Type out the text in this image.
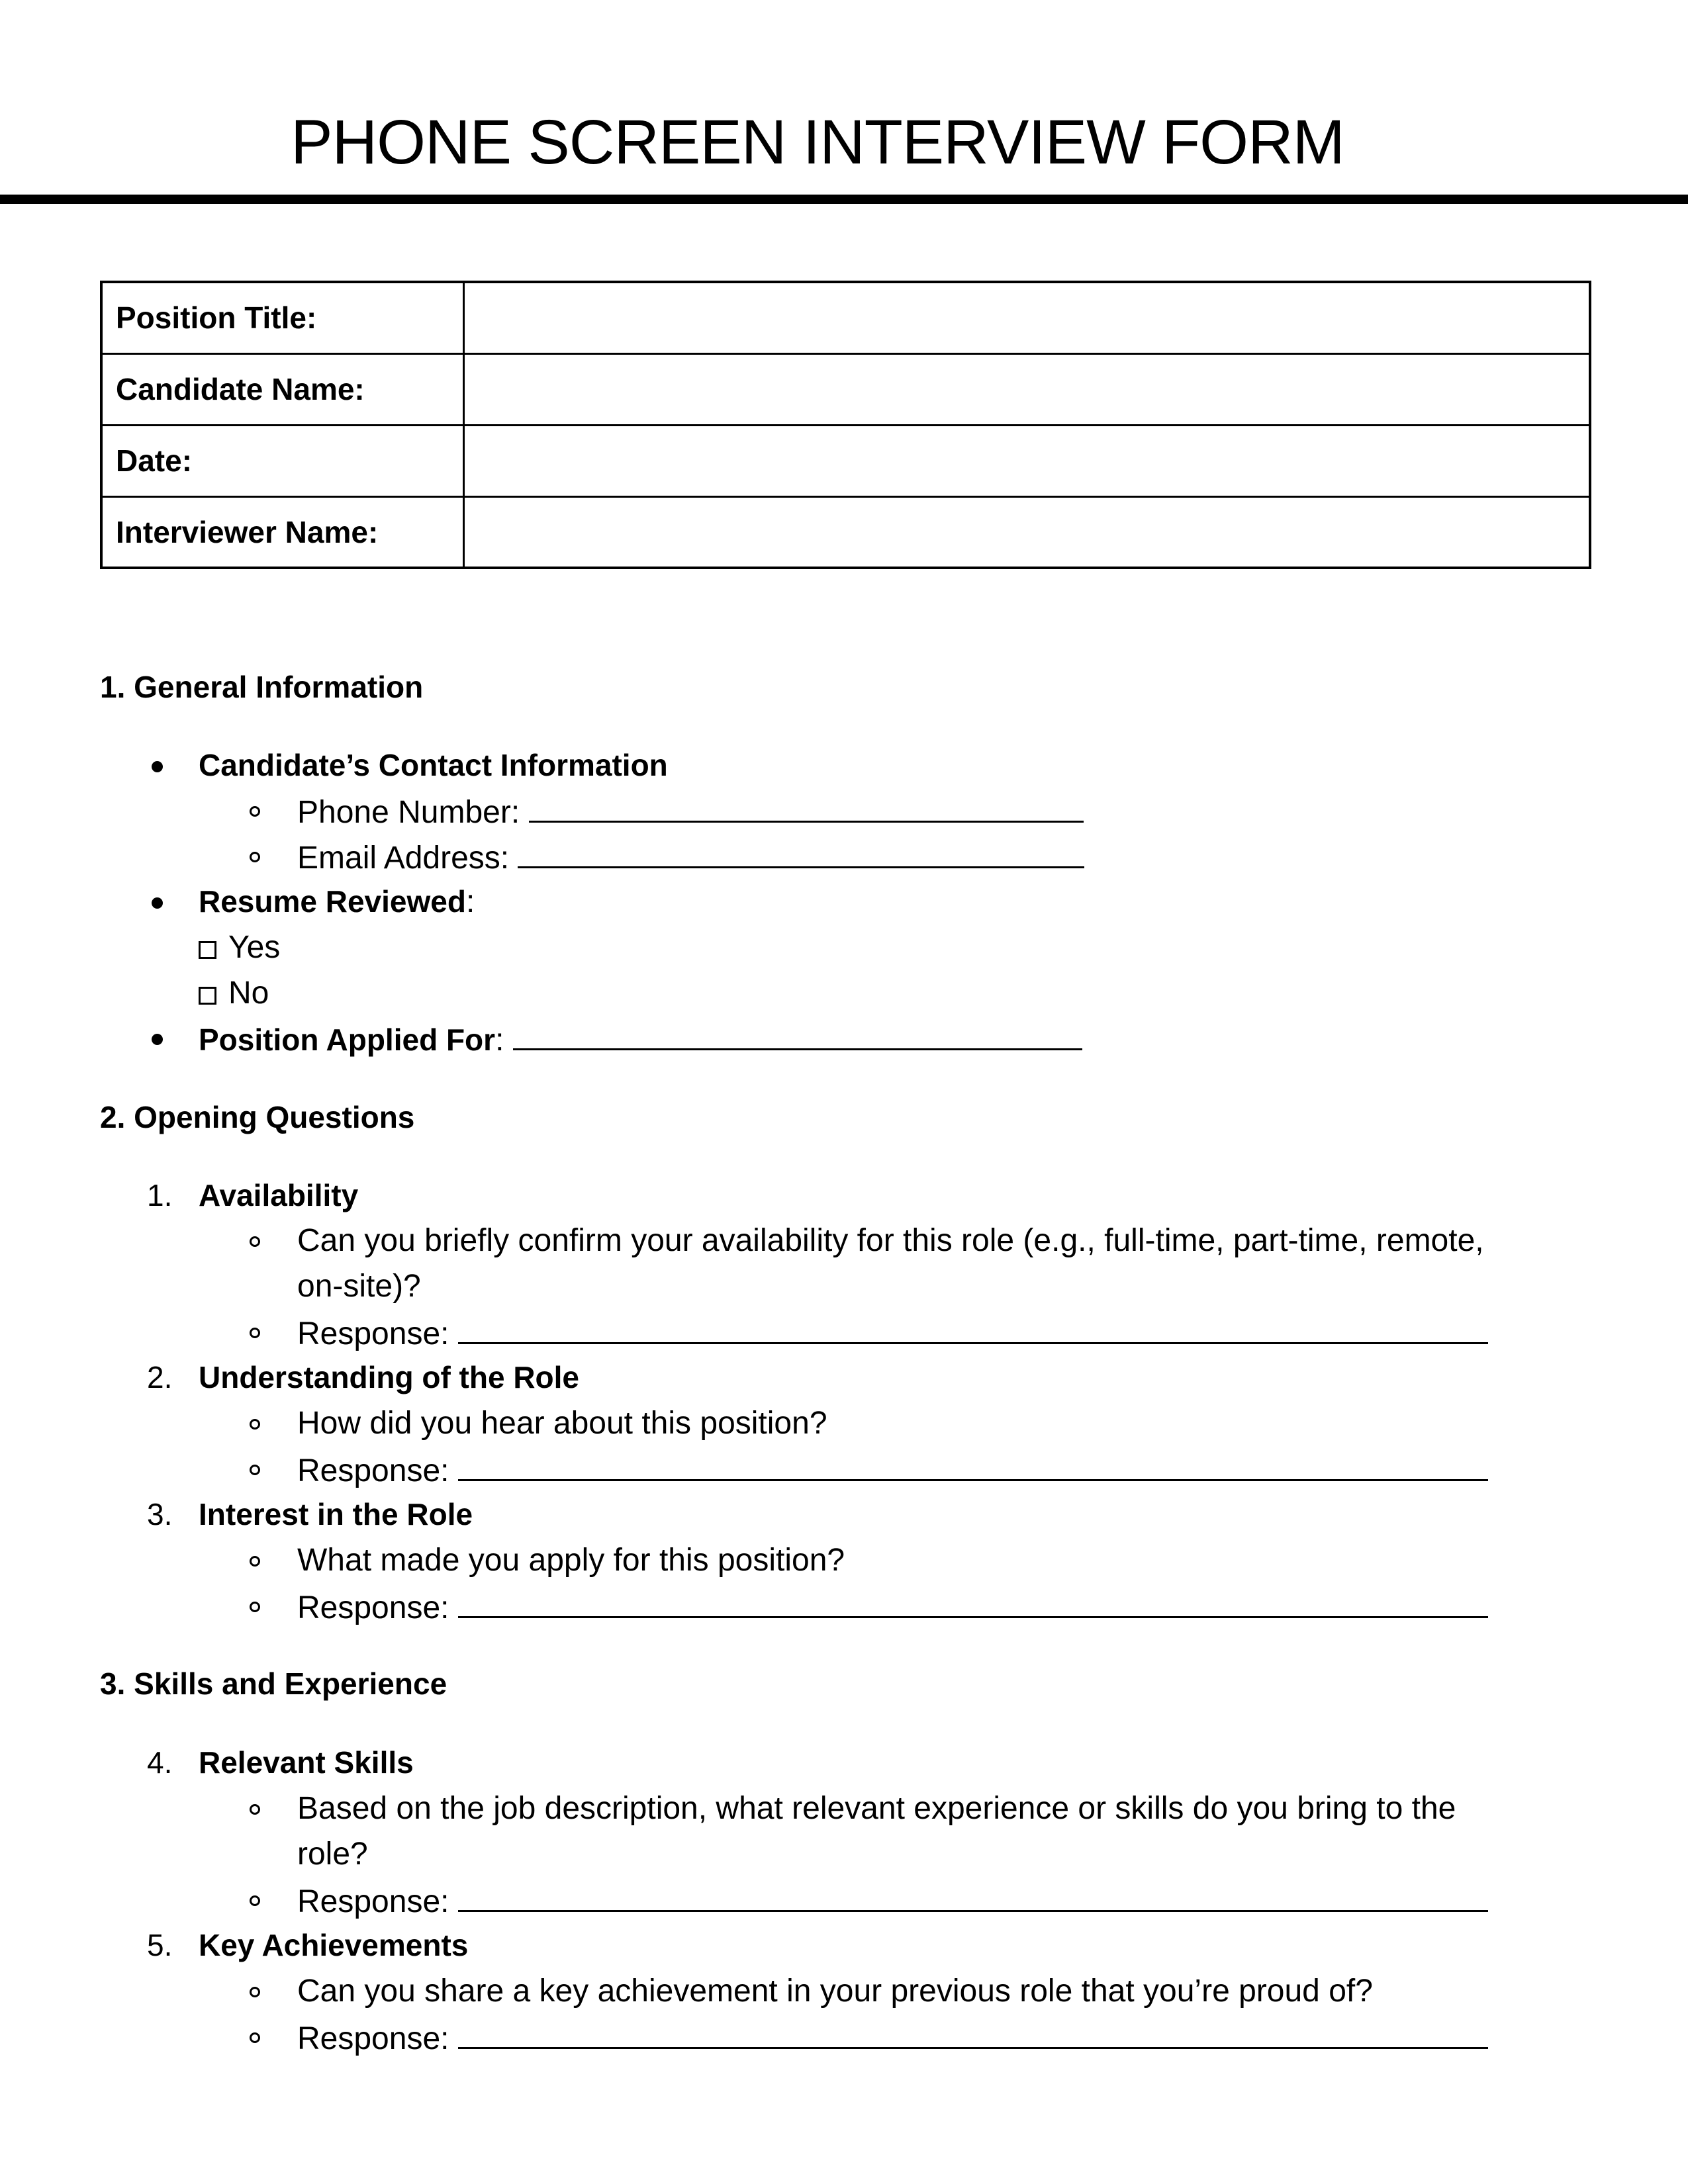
PHONE SCREEN INTERVIEW FORM
Position Title:	
Candidate Name:	
Date:	
Interviewer Name:	
1. General Information
Candidate’s Contact Information
Phone Number:
Email Address:
Resume Reviewed:
Yes
No
Position Applied For:
2. Opening Questions
1. Availability
Can you briefly confirm your availability for this role (e.g., full-time, part-time, remote,
on-site)?
Response:
2. Understanding of the Role
How did you hear about this position?
Response:
3. Interest in the Role
What made you apply for this position?
Response:
3. Skills and Experience
4. Relevant Skills
Based on the job description, what relevant experience or skills do you bring to the
role?
Response:
5. Key Achievements
Can you share a key achievement in your previous role that you’re proud of?
Response:
